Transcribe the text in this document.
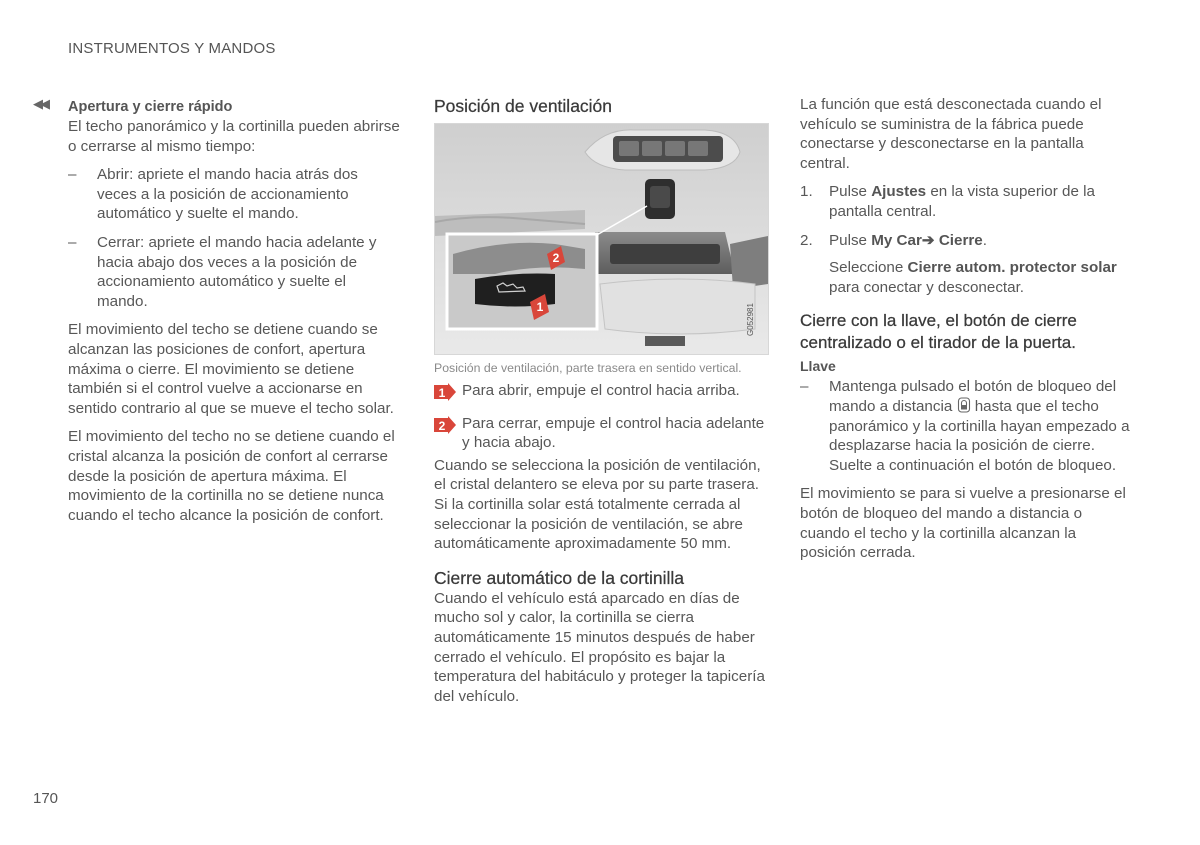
INSTRUMENTOS Y MANDOS
170
◀◀ Apertura y cierre rápido

El techo panorámico y la cortinilla pueden abrirse o cerrarse al mismo tiempo:

– Abrir: apriete el mando hacia atrás dos veces a la posición de accionamiento automático y suelte el mando.
– Cerrar: apriete el mando hacia adelante y hacia abajo dos veces a la posición de accionamiento automático y suelte el mando.

El movimiento del techo se detiene cuando se alcanzan las posiciones de confort, apertura máxima o cierre. El movimiento se detiene también si el control vuelve a accionarse en sentido contrario al que se mueve el techo solar.

El movimiento del techo no se detiene cuando el cristal alcanza la posición de confort al cerrarse desde la posición de apertura máxima. El movimiento de la cortinilla no se detiene nunca cuando el techo alcance la posición de confort.

Posición de ventilación

2
1	G052981

Posición de ventilación, parte trasera en sentido vertical.

1 Para abrir, empuje el control hacia arriba.
2 Para cerrar, empuje el control hacia adelante y hacia abajo.

Cuando se selecciona la posición de ventilación, el cristal delantero se eleva por su parte trasera. Si la cortinilla solar está totalmente cerrada al seleccionar la posición de ventilación, se abre automáticamente aproximadamente 50 mm.

Cierre automático de la cortinilla

Cuando el vehículo está aparcado en días de mucho sol y calor, la cortinilla se cierra automáticamente 15 minutos después de haber cerrado el vehículo. El propósito es bajar la temperatura del habitáculo y proteger la tapicería del vehículo.

La función que está desconectada cuando el vehículo se suministra de la fábrica puede conectarse y desconectarse en la pantalla central.

1. Pulse Ajustes en la vista superior de la pantalla central.
2. Pulse My Car➔ Cierre.
Seleccione Cierre autom. protector solar para conectar y desconectar.

Cierre con la llave, el botón de cierre centralizado o el tirador de la puerta.

Llave

– Mantenga pulsado el botón de bloqueo del mando a distancia  hasta que el techo panorámico y la cortinilla hayan empezado a desplazarse hacia la posición de cierre. Suelte a continuación el botón de bloqueo.

El movimiento se para si vuelve a presionarse el botón de bloqueo del mando a distancia o cuando el techo y la cortinilla alcanzan la posición cerrada.
